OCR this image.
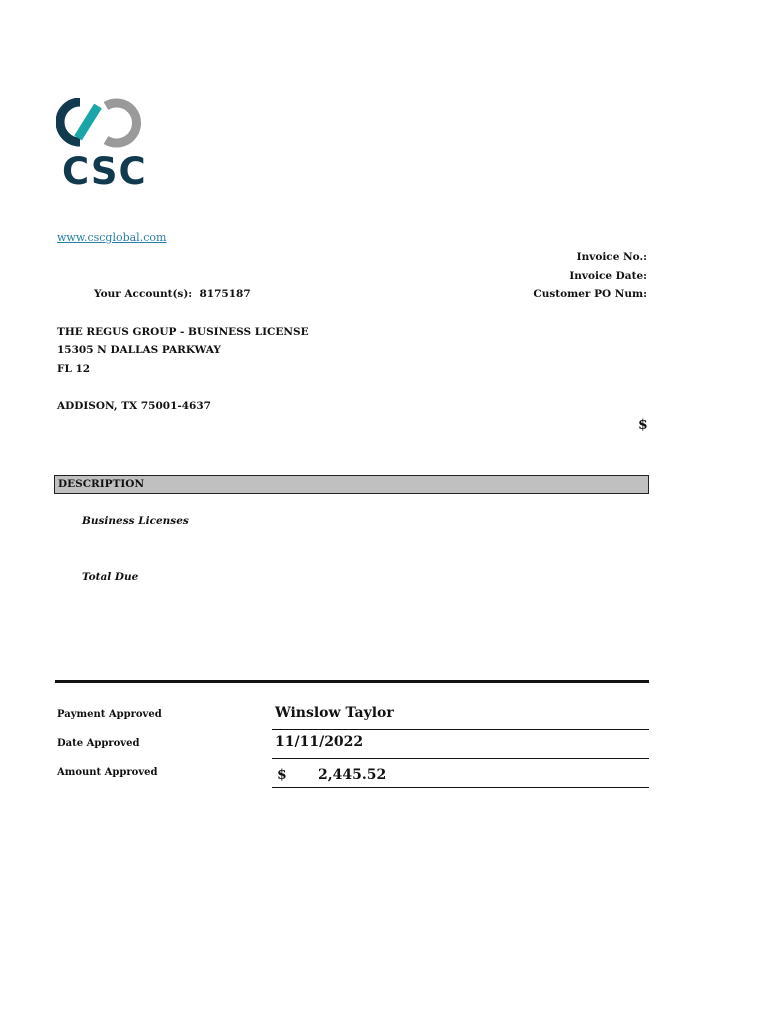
CSC
www.cscglobal.com
Invoice No.:
Invoice Date:
Customer PO Num:
Your Account(s): 8175187
THE REGUS GROUP - BUSINESS LICENSE
15305 N DALLAS PARKWAY
FL 12
ADDISON, TX 75001-4637
$
DESCRIPTION
Business Licenses
Total Due
Payment Approved	Winslow Taylor
Date Approved	11/11/2022
Amount Approved	$ 2,445.52
